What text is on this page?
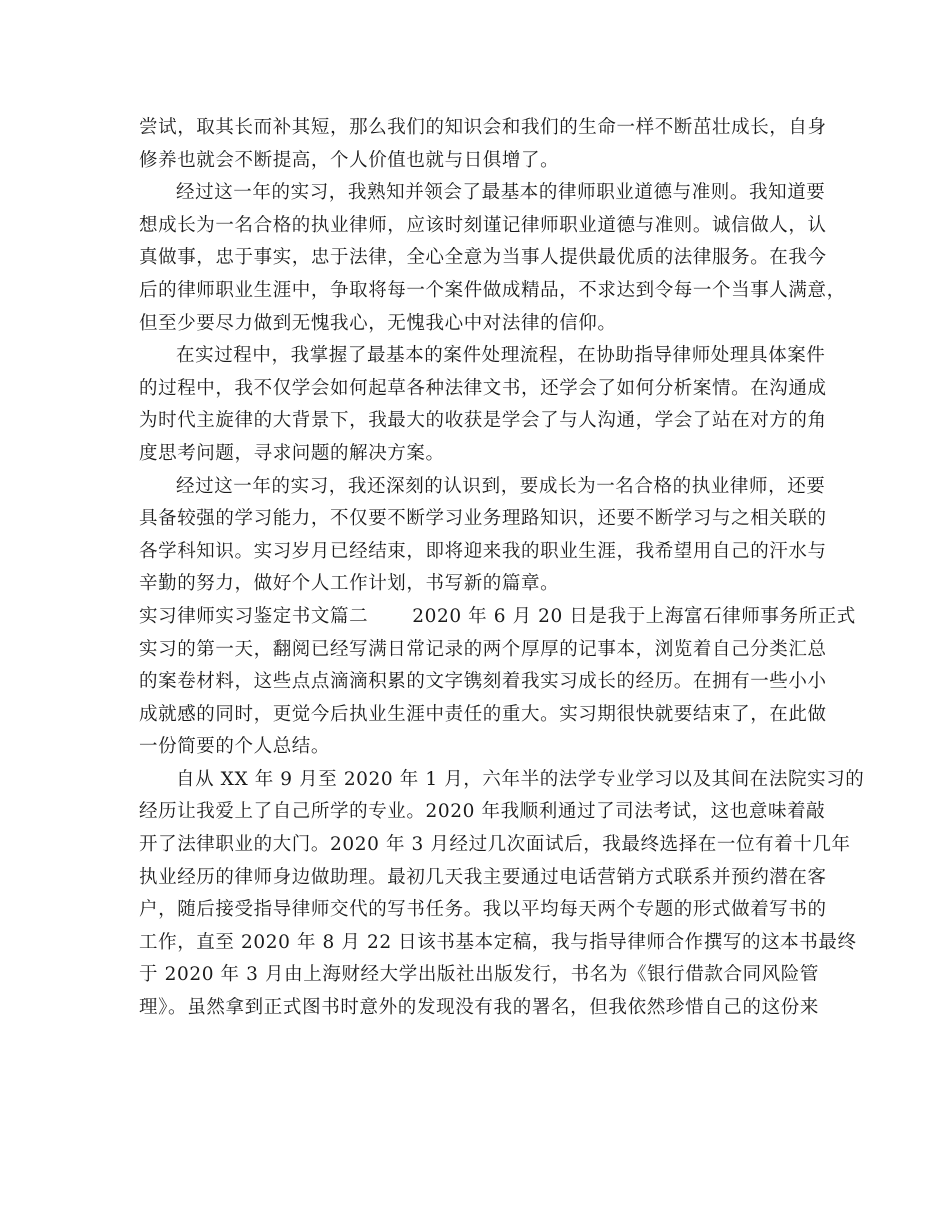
尝试，取其长而补其短，那么我们的知识会和我们的生命一样不断茁壮成长，自身
修养也就会不断提高，个人价值也就与日俱增了。
经过这一年的实习，我熟知并领会了最基本的律师职业道德与准则。我知道要
想成长为一名合格的执业律师，应该时刻谨记律师职业道德与准则。诚信做人，认
真做事，忠于事实，忠于法律，全心全意为当事人提供最优质的法律服务。在我今
后的律师职业生涯中，争取将每一个案件做成精品，不求达到令每一个当事人满意，
但至少要尽力做到无愧我心，无愧我心中对法律的信仰。
在实过程中，我掌握了最基本的案件处理流程，在协助指导律师处理具体案件
的过程中，我不仅学会如何起草各种法律文书，还学会了如何分析案情。在沟通成
为时代主旋律的大背景下，我最大的收获是学会了与人沟通，学会了站在对方的角
度思考问题，寻求问题的解决方案。
经过这一年的实习，我还深刻的认识到，要成长为一名合格的执业律师，还要
具备较强的学习能力，不仅要不断学习业务理路知识，还要不断学习与之相关联的
各学科知识。实习岁月已经结束，即将迎来我的职业生涯，我希望用自己的汗水与
辛勤的努力，做好个人工作计划，书写新的篇章。
实习律师实习鉴定书文篇二 2020 年 6 月 20 日是我于上海富石律师事务所正式
实习的第一天，翻阅已经写满日常记录的两个厚厚的记事本，浏览着自己分类汇总
的案卷材料，这些点点滴滴积累的文字镌刻着我实习成长的经历。在拥有一些小小
成就感的同时，更觉今后执业生涯中责任的重大。实习期很快就要结束了，在此做
一份简要的个人总结。
自从 XX 年 9 月至 2020 年 1 月，六年半的法学专业学习以及其间在法院实习的
经历让我爱上了自己所学的专业。2020 年我顺利通过了司法考试，这也意味着敲
开了法律职业的大门。2020 年 3 月经过几次面试后，我最终选择在一位有着十几年
执业经历的律师身边做助理。最初几天我主要通过电话营销方式联系并预约潜在客
户，随后接受指导律师交代的写书任务。我以平均每天两个专题的形式做着写书的
工作，直至 2020 年 8 月 22 日该书基本定稿，我与指导律师合作撰写的这本书最终
于 2020 年 3 月由上海财经大学出版社出版发行，书名为《银行借款合同风险管
理》。虽然拿到正式图书时意外的发现没有我的署名，但我依然珍惜自己的这份来
